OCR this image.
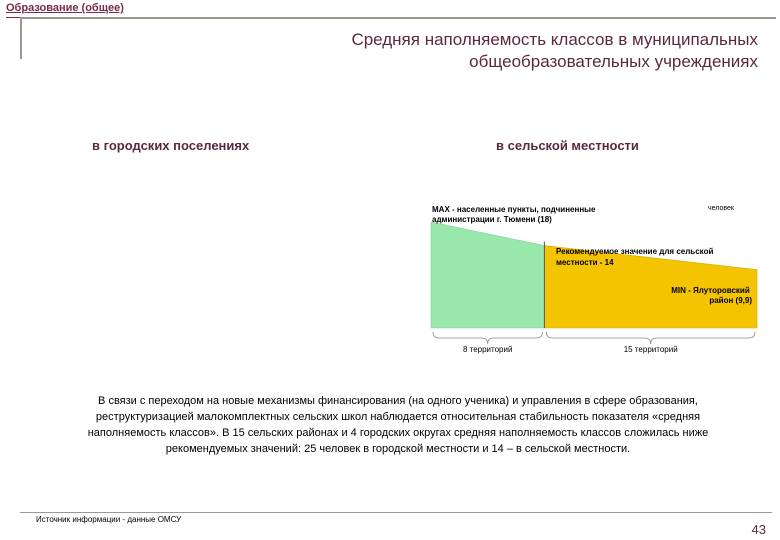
Образование (общее)
Средняя наполняемость классов в муниципальных
общеобразовательных учреждениях
в городских поселениях	в сельской местности
человек
MAX - населенные пункты, подчиненные администрации г. Тюмени (18)
Рекомендуемое значение для сельской местности - 14
MIN - Ялуторовский район (9,9)
8 территорий	15 территорий
В связи с переходом на новые механизмы финансирования (на одного ученика) и управления в сфере образования, реструктуризацией малокомплектных сельских школ наблюдается относительная стабильность показателя «средняя наполняемость классов». В 15 сельских районах и 4 городских округах средняя наполняемость классов сложилась ниже рекомендуемых значений: 25 человек в городской местности и 14 – в сельской местности.
Источник информации - данные ОМСУ
43
